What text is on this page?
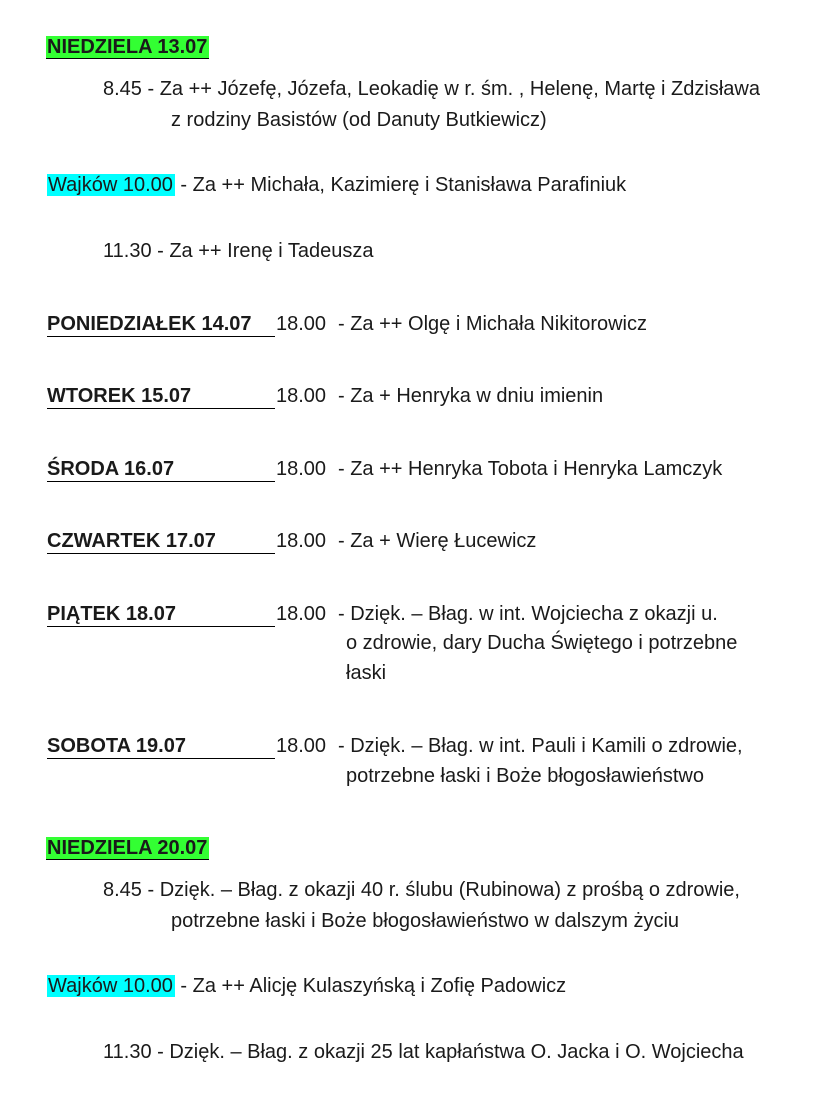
NIEDZIELA 13.07
8.45 - Za ++ Józefę, Józefa, Leokadię w r. śm. , Helenę, Martę i Zdzisława
z rodziny Basistów (od Danuty Butkiewicz)
Wajków 10.00 - Za ++ Michała, Kazimierę i Stanisława Parafiniuk
11.30 - Za ++ Irenę i Tadeusza
PONIEDZIAŁEK 14.07	18.00 - Za ++ Olgę i Michała Nikitorowicz
WTOREK 15.07	18.00 - Za + Henryka w dniu imienin
ŚRODA 16.07	18.00 - Za ++ Henryka Tobota i Henryka Lamczyk
CZWARTEK 17.07	18.00 - Za + Wierę Łucewicz
PIĄTEK 18.07	18.00 - Dzięk. – Błag. w int. Wojciecha z okazji u.
o zdrowie, dary Ducha Świętego i potrzebne
łaski
SOBOTA 19.07	18.00 - Dzięk. – Błag. w int. Pauli i Kamili o zdrowie,
potrzebne łaski i Boże błogosławieństwo
NIEDZIELA 20.07
8.45 - Dzięk. – Błag. z okazji 40 r. ślubu (Rubinowa) z prośbą o zdrowie,
potrzebne łaski i Boże błogosławieństwo w dalszym życiu
Wajków 10.00 - Za ++ Alicję Kulaszyńską i Zofię Padowicz
11.30 - Dzięk. – Błag. z okazji 25 lat kapłaństwa O. Jacka i O. Wojciecha
